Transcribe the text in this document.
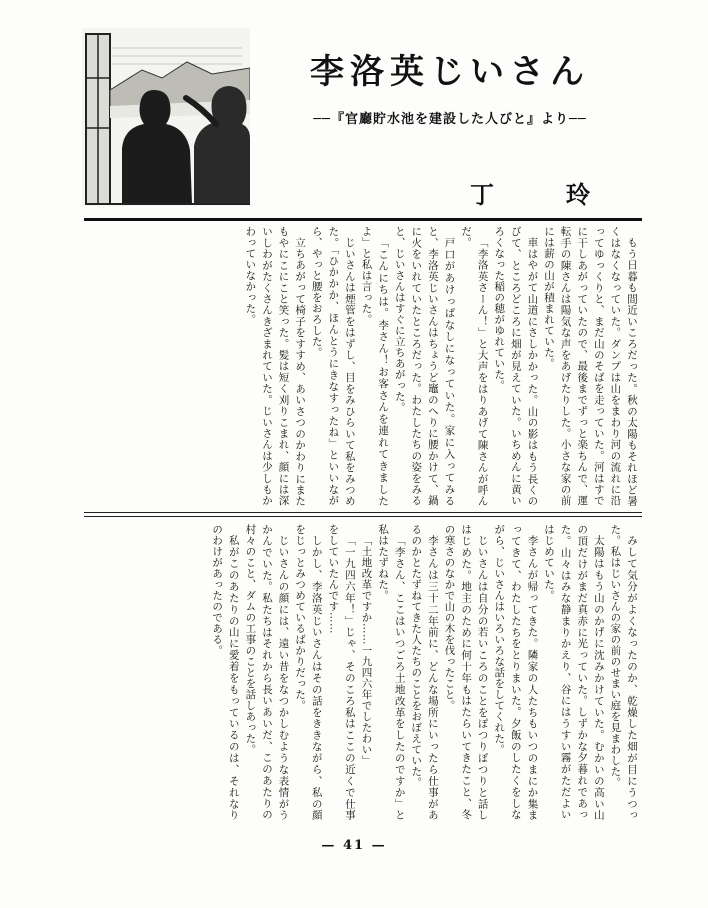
李洛英じいさん
──『官廳貯水池を建設した人びと』より──
丁　玲

もう日暮も間近いころだった。秋の太陽もそれほど暑くはなくなっていた。ダンプは山をまわり河の流れに沿ってゆっくりと、まだ山のそばを走っていた。河はすでに干しあがっていたので、最後までずっと楽ちんで、運転手の陳さんは陽気な声をあげたりした。小さな家の前には薪の山が積まれていた。

車はやがて山道にさしかかった。山の影はもう長くのびて、ところどころに畑が見えていた。いちめんに黄いろくなった稲の穂がゆれていた。

「李洛英さーん！」と大声をはりあげて陳さんが呼んだ。

戸口があけっぱなしになっていた。家に入ってみると、李洛英じいさんはちょうど竈のへりに腰かけて、鍋に火をいれていたところだった。わたしたちの姿をみると、じいさんはすぐに立ちあがった。

「こんにちは。李さん！お客さんを連れてきましたよ」と私は言った。

じいさんは煙管をはずし、目をみひらいて私をみつめた。「ひかかか、ほんとうにきなすったね」といいながら、やっと腰をおろした。

立ちあがって椅子をすすめ、あいさつのかわりにまたもやにこにこと笑った。髪は短く刈りこまれ、顔には深いしわがたくさんきざまれていた。じいさんは少しもかわっていなかった。

みして気分がよくなったのか、乾燥した畑が目にうつった。私はじいさんの家の前のせまい庭を見まわした。

太陽はもう山のかげに沈みかけていた。むかいの高い山の頂だけがまだ真赤に光っていた。しずかな夕暮れであった。山々はみな静まりかえり、谷にはうすい霧がただよいはじめていた。

李さんが帰ってきた。隣家の人たちもいつのまにか集まってきて、わたしたちをとりまいた。夕飯のしたくをしながら、じいさんはいろいろな話をしてくれた。

じいさんは自分の若いころのことをぽつりぽつりと話しはじめた。地主のために何十年もはたらいてきたこと、冬の寒さのなかで山の木を伐ったこと。

李さんは三十二年前に、どんな場所にいったら仕事があるのかとたずねてきた人たちのことをおぼえていた。

「李さん、ここはいつごろ土地改革をしたのですか」と私はたずねた。

「土地改革ですか……一九四六年でしたわい」

「一九四六年！」じゃ、そのころ私はここの近くで仕事をしていたんです……

しかし、李洛英じいさんはその話をききながら、私の顔をじっとみつめているばかりだった。

じいさんの顔には、遠い昔をなつかしむような表情がうかんでいた。私たちはそれから長いあいだ、このあたりの村々のこと、ダムの工事のことを話しあった。

私がこのあたりの山に愛着をもっているのは、それなりのわけがあったのである。

— 41 —
